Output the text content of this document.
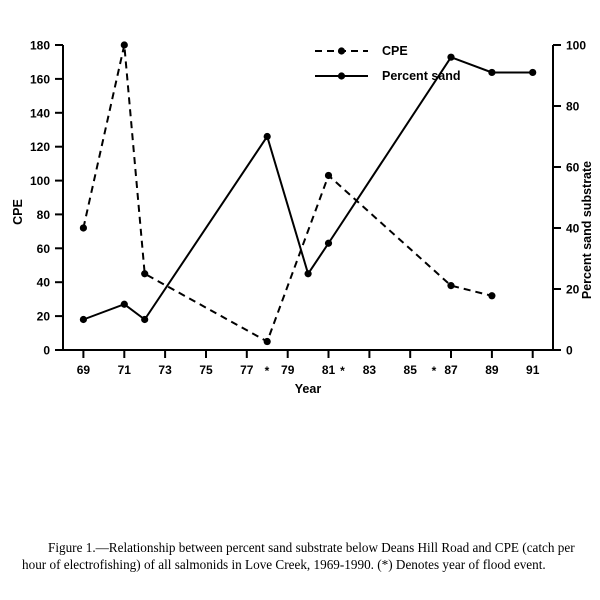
0
20
40
60
80
100
120
140
160
180
0
20
40
60
80
100
69 71 73 75 77 79 81 83 85 87 89 91
*	*	*
Year
CPE	Percent sand substrate
CPE
Percent sand
Figure 1.—Relationship between percent sand substrate below Deans Hill Road and CPE (catch per hour of electrofishing) of all salmonids in Love Creek, 1969-1990. (*) Denotes year of flood event.
